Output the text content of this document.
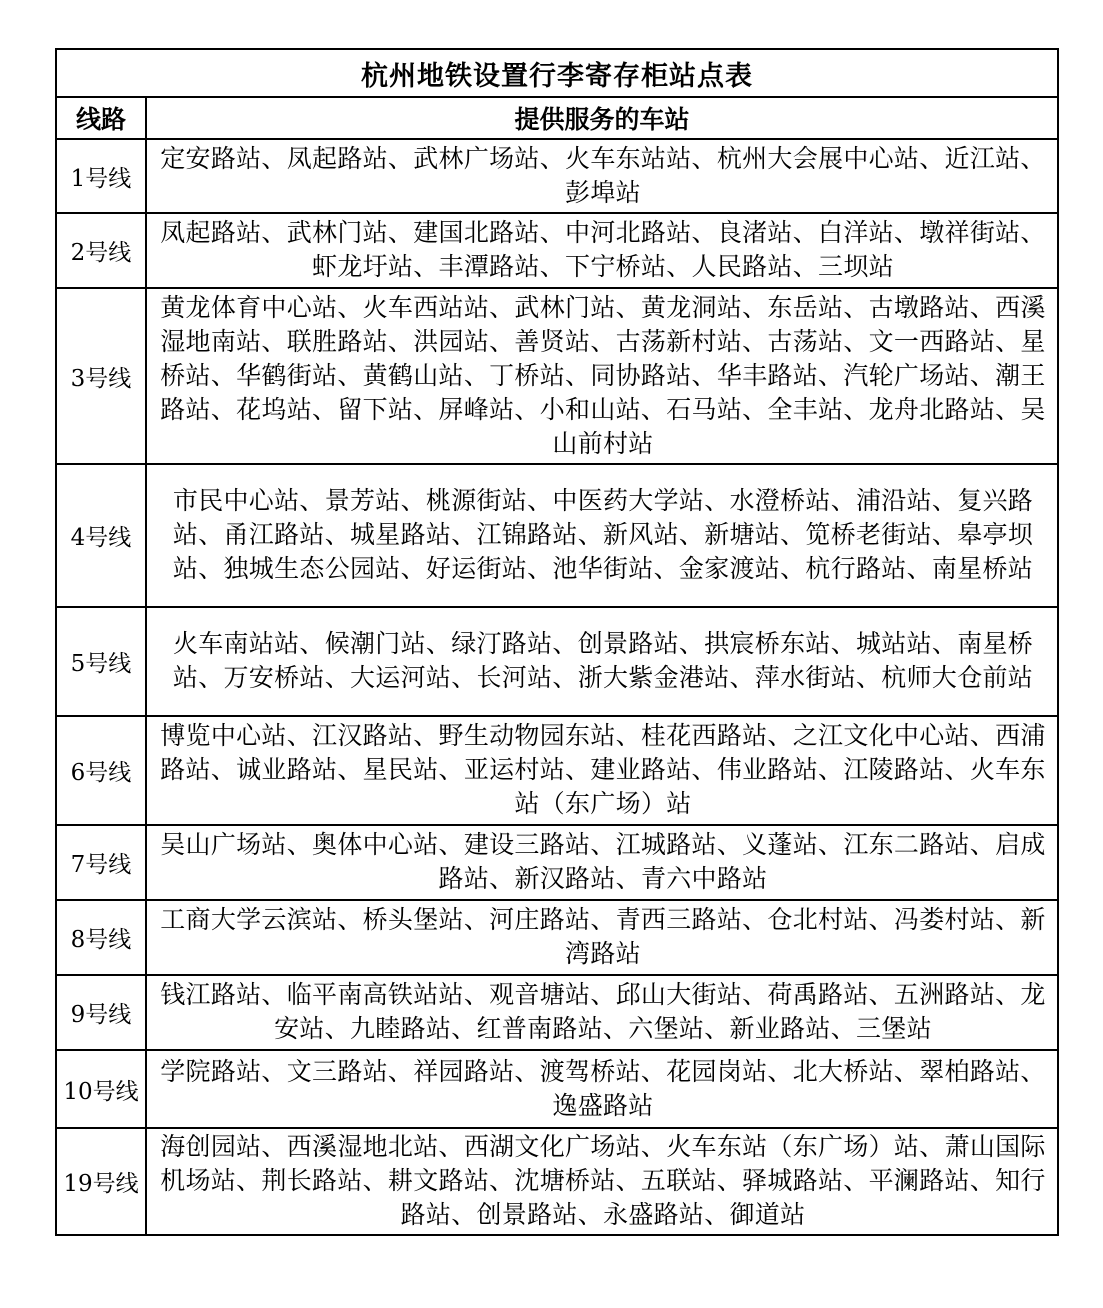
杭州地铁设置行李寄存柜站点表	
线路	提供服务的车站
1号线	定安路站、凤起路站、武林广场站、火车东站站、杭州大会展中心站、近江站、彭埠站
2号线	凤起路站、武林门站、建国北路站、中河北路站、良渚站、白洋站、墩祥街站、虾龙圩站、丰潭路站、下宁桥站、人民路站、三坝站
3号线	黄龙体育中心站、火车西站站、武林门站、黄龙洞站、东岳站、古墩路站、西溪湿地南站、联胜路站、洪园站、善贤站、古荡新村站、古荡站、文一西路站、星桥站、华鹤街站、黄鹤山站、丁桥站、同协路站、华丰路站、汽轮广场站、潮王路站、花坞站、留下站、屏峰站、小和山站、石马站、全丰站、龙舟北路站、吴山前村站
4号线	市民中心站、景芳站、桃源街站、中医药大学站、水澄桥站、浦沿站、复兴路站、甬江路站、城星路站、江锦路站、新风站、新塘站、笕桥老街站、皋亭坝站、独城生态公园站、好运街站、池华街站、金家渡站、杭行路站、南星桥站
5号线	火车南站站、候潮门站、绿汀路站、创景路站、拱宸桥东站、城站站、南星桥站、万安桥站、大运河站、长河站、浙大紫金港站、萍水街站、杭师大仓前站
6号线	博览中心站、江汉路站、野生动物园东站、桂花西路站、之江文化中心站、西浦路站、诚业路站、星民站、亚运村站、建业路站、伟业路站、江陵路站、火车东站（东广场）站
7号线	吴山广场站、奥体中心站、建设三路站、江城路站、义蓬站、江东二路站、启成路站、新汉路站、青六中路站
8号线	工商大学云滨站、桥头堡站、河庄路站、青西三路站、仓北村站、冯娄村站、新湾路站
9号线	钱江路站、临平南高铁站站、观音塘站、邱山大街站、荷禹路站、五洲路站、龙安站、九睦路站、红普南路站、六堡站、新业路站、三堡站
10号线	学院路站、文三路站、祥园路站、渡驾桥站、花园岗站、北大桥站、翠柏路站、逸盛路站
19号线	海创园站、西溪湿地北站、西湖文化广场站、火车东站（东广场）站、萧山国际机场站、荆长路站、耕文路站、沈塘桥站、五联站、驿城路站、平澜路站、知行路站、创景路站、永盛路站、御道站
